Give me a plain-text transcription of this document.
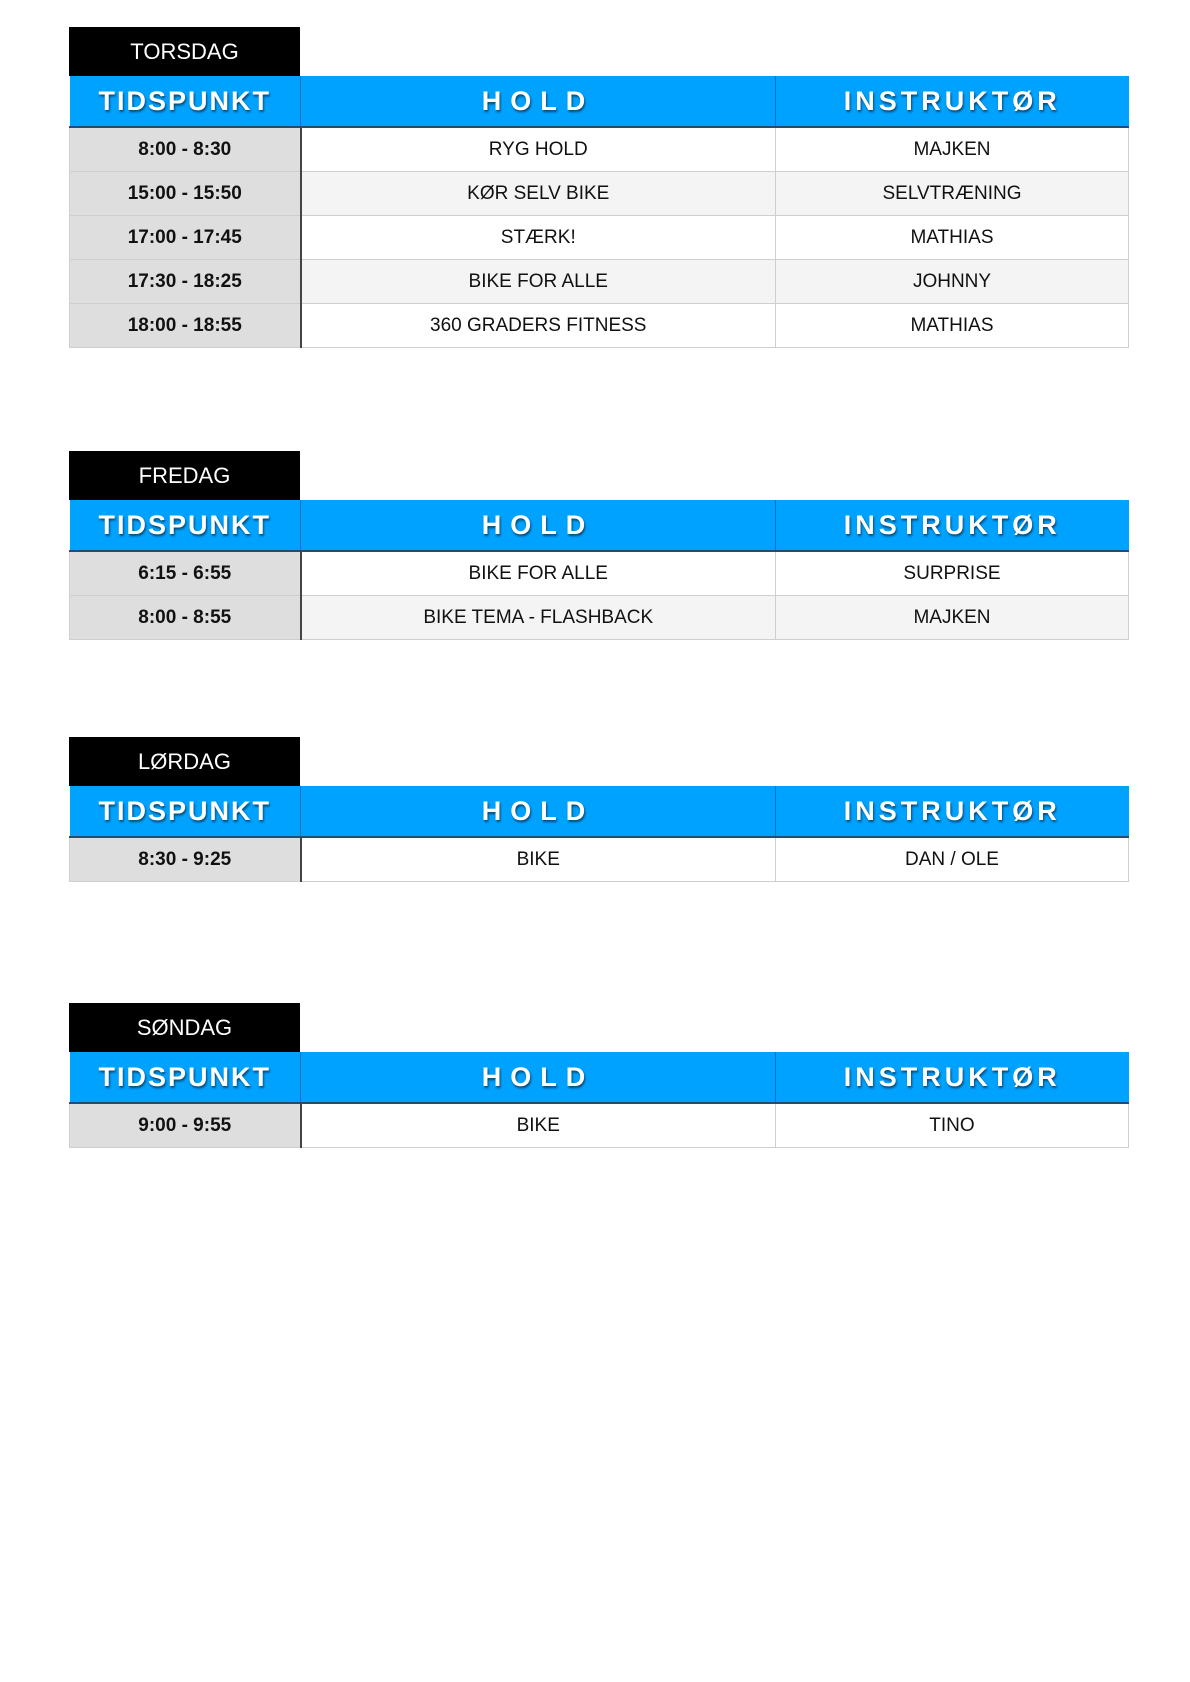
TORSDAG
TIDSPUNKT	HOLD	INSTRUKTØR
8:00 - 8:30	RYG HOLD	MAJKEN
15:00 - 15:50	KØR SELV BIKE	SELVTRÆNING
17:00 - 17:45	STÆRK!	MATHIAS
17:30 - 18:25	BIKE FOR ALLE	JOHNNY
18:00 - 18:55	360 GRADERS FITNESS	MATHIAS
FREDAG
TIDSPUNKT	HOLD	INSTRUKTØR
6:15 - 6:55	BIKE FOR ALLE	SURPRISE
8:00 - 8:55	BIKE TEMA - FLASHBACK	MAJKEN
LØRDAG
TIDSPUNKT	HOLD	INSTRUKTØR
8:30 - 9:25	BIKE	DAN / OLE
SØNDAG
TIDSPUNKT	HOLD	INSTRUKTØR
9:00 - 9:55	BIKE	TINO
